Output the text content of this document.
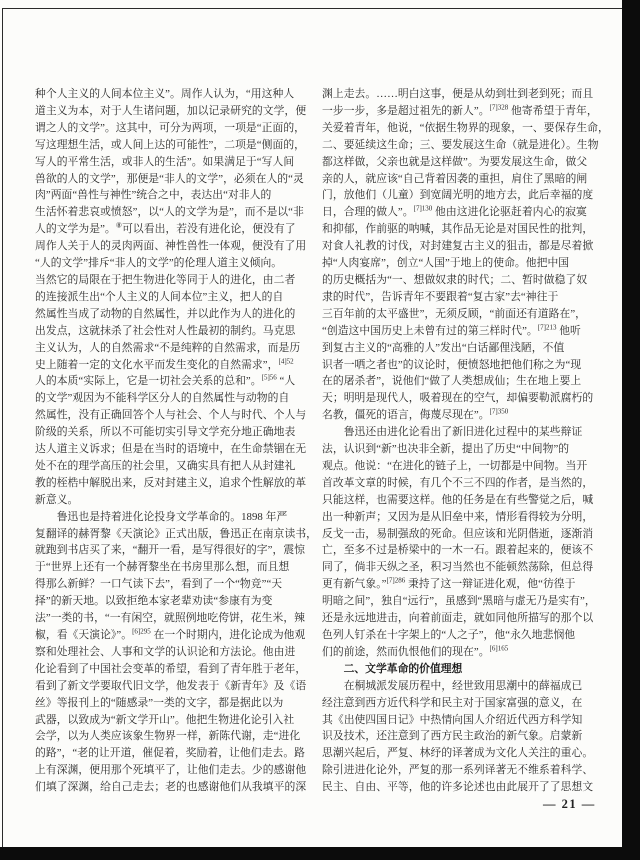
种个人主义的人间本位主义”。周作人认为，“用这种人
道主义为本，对于人生诸问题，加以记录研究的文学，便
谓之人的文学”。这其中，可分为两项，一项是“正面的，
写这理想生活，或人间上达的可能性”，二项是“侧面的，
写人的平常生活，或非人的生活”。如果满足于“写人间
兽欲的人的文学”，那便是“非人的文学”，必须在人的“灵
肉”两面“兽性与神性”统合之中，表达出“对非人的
生活怀着悲哀或愤怒”，以“人的文学为是”，而不是以“非
人的文学为是”。⑧可以看出，若没有进化论，便没有了
周作人关于人的灵肉两面、神性兽性一体观，便没有了用
“人的文学”排斥“非人的文学”的伦理人道主义倾向。
当然它的局限在于把生物进化等同于人的进化，由二者
的连接派生出“个人主义的人间本位”主义，把人的自
然属性当成了动物的自然属性，并以此作为人的进化的
出发点，这就抹杀了社会性对人性最初的制约。马克思
主义认为，人的自然需求“不是纯粹的自然需求，而是历
史上随着一定的文化水平而发生变化的自然需求”，$^{[4]52}$
人的本质“实际上，它是一切社会关系的总和”。$^{[5]56}$ “人
的文学”观因为不能科学区分人的自然属性与动物的自
然属性，没有正确回答个人与社会、个人与时代、个人与
阶级的关系，所以不可能切实引导文学充分地正确地表
达人道主义诉求；但是在当时的语境中，在生命禁锢在无
处不在的理学高压的社会里，又确实具有把人从封建礼
教的桎梏中解脱出来，反对封建主义，追求个性解放的革
新意义。
　　鲁迅也是持着进化论投身文学革命的。1898 年严
复翻译的赫胥黎《天演论》正式出版，鲁迅正在南京读书，
就跑到书店买了来，“翻开一看，是写得很好的字”，震惊
于“世界上还有一个赫胥黎坐在书房里那么想，而且想
得那么新鲜？一口气读下去”，看到了一个“物竞”“天
择”的新天地。以致拒绝本家老辈劝读“参康有为变
法”一类的书，“一有闲空，就照例地吃侉饼，花生米，辣
椒，看《天演论》”。$^{[6]295}$ 在一个时期内，进化论成为他观
察和处理社会、人事和文学的认识论和方法论。他由进
化论看到了中国社会变革的希望，看到了青年胜于老年，
看到了新文学要取代旧文学，他发表于《新青年》及《语
丝》等报刊上的“随感录”一类的文字，都是据此以为
武器，以致成为“新文学开山”。他把生物进化论引入社
会学，以为人类应该象生物界一样，新陈代谢，走“进化
的路”，“老的让开道，催促着，奖励着，让他们走去。路
上有深渊，便用那个死填平了，让他们走去。少的感谢他
们填了深渊，给自己走去；老的也感谢他们从我填平的深
渊上走去。……明白这事，便是从幼到壮到老到死；而且
一步一步，多是超过祖先的新人”。$^{[7]328}$ 他寄希望于青年，
关爱着青年，他说，“依据生物界的现象，一、要保存生命，
二、要延续这生命；三、要发展这生命（就是进化）。生物
都这样做，父亲也就是这样做”。为要发展这生命，做父
亲的人，就应该“自己背着因袭的重担，肩住了黑暗的闸
门，放他们（儿童）到宽阔光明的地方去，此后幸福的度
日，合理的做人”。$^{[7]130}$ 他由这进化论驱赶着内心的寂寞
和抑郁，作前驱的呐喊，其作品无论是对国民性的批判，
对食人礼教的讨伐，对封建复古主义的狙击，都是尽着掀
掉“人肉宴席”，创立“人国”于地上的使命。他把中国
的历史概括为“一、想做奴隶的时代；二、暂时做稳了奴
隶的时代”，告诉青年不要跟着“复古家”去“神往于
三百年前的太平盛世”，无须反顾，“前面还有道路在”，
“创造这中国历史上未曾有过的第三样时代”。$^{[7]213}$ 他听
到复古主义的“高雅的人”发出“白话鄙俚浅陋，不值
识者一哂之者也”的议论时，便愤怒地把他们称之为“现
在的屠杀者”，说他们“做了人类想成仙；生在地上要上
天；明明是现代人，吸着现在的空气，却偏要勒派腐朽的
名教，僵死的语言，侮蔑尽现在”。$^{[7]350}$
　　鲁迅还由进化论看出了新旧进化过程中的某些辩证
法，认识到“新”也决非全新，提出了历史“中间物”的
观点。他说：“在进化的链子上，一切都是中间物。当开
首改革文章的时候，有几个不三不四的作者，是当然的，
只能这样，也需要这样。他的任务是在有些警觉之后，喊
出一种新声；又因为是从旧垒中来，情形看得较为分明，
反戈一击，易制强敌的死命。但应该和光阴偕逝，逐渐消
亡，至多不过是桥梁中的一木一石。跟着起来的，便该不
同了，倘非天纵之圣，积习当然也不能顿然荡除，但总得
更有新气象。”$^{[7]286}$ 秉持了这一辩证进化观，他“彷徨于
明暗之间”，独自“远行”，虽感到“黑暗与虚无乃是实有”，
还是永远地进击，向着前面走，就如同他所描写的那个以
色列人钉杀在十字架上的“人之子”，他“永久地悲悯他
们的前途，然而仇恨他们的现在”。$^{[6]165}$
二、文学革命的价值理想
　　在桐城派发展历程中，经世致用思潮中的薛福成已
经注意到西方近代科学和民主对于国家富强的意义，在
其《出使四国日记》中热情向国人介绍近代西方科学知
识及技术，还注意到了西方民主政治的新气象。启蒙新
思潮兴起后，严复、林纾的译著成为文化人关注的重心。
除引进进化论外，严复的那一系列译著无不维系着科学、
民主、自由、平等，他的许多论述也由此展开了了思想文
— 21 —
